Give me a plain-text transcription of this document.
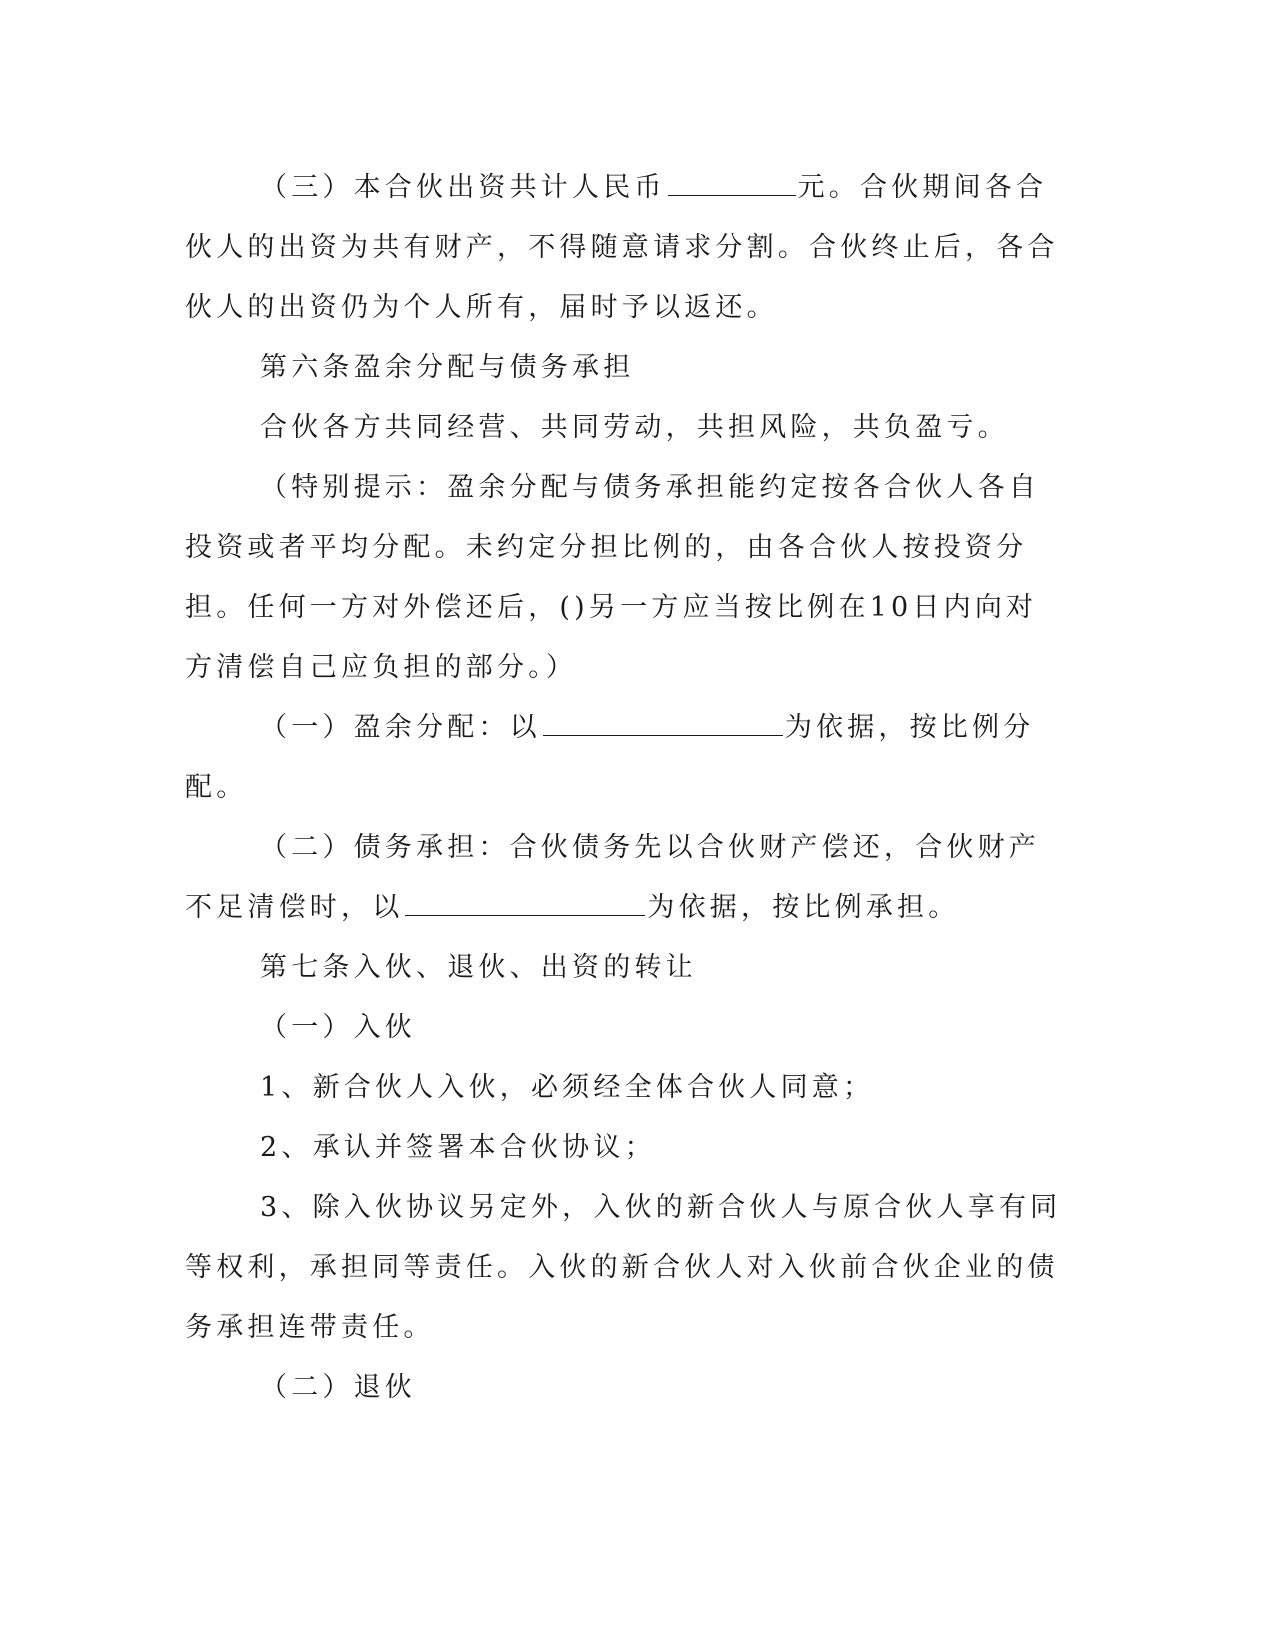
（三）本合伙出资共计人民币	元。合伙期间各合伙人的出资为共有财产，不得随意请求分割。合伙终止后，各合伙人的出资仍为个人所有，届时予以返还。

第六条盈余分配与债务承担

合伙各方共同经营、共同劳动，共担风险，共负盈亏。

（特别提示：盈余分配与债务承担能约定按各合伙人各自投资或者平均分配。未约定分担比例的，由各合伙人按投资分担。任何一方对外偿还后，()另一方应当按比例在10日内向对方清偿自己应负担的部分。）

（一）盈余分配：以	为依据，按比例分配。

（二）债务承担：合伙债务先以合伙财产偿还，合伙财产不足清偿时，以	为依据，按比例承担。

第七条入伙、退伙、出资的转让

（一）入伙

1、新合伙人入伙，必须经全体合伙人同意；

2、承认并签署本合伙协议；

3、除入伙协议另定外，入伙的新合伙人与原合伙人享有同等权利，承担同等责任。入伙的新合伙人对入伙前合伙企业的债务承担连带责任。

（二）退伙
